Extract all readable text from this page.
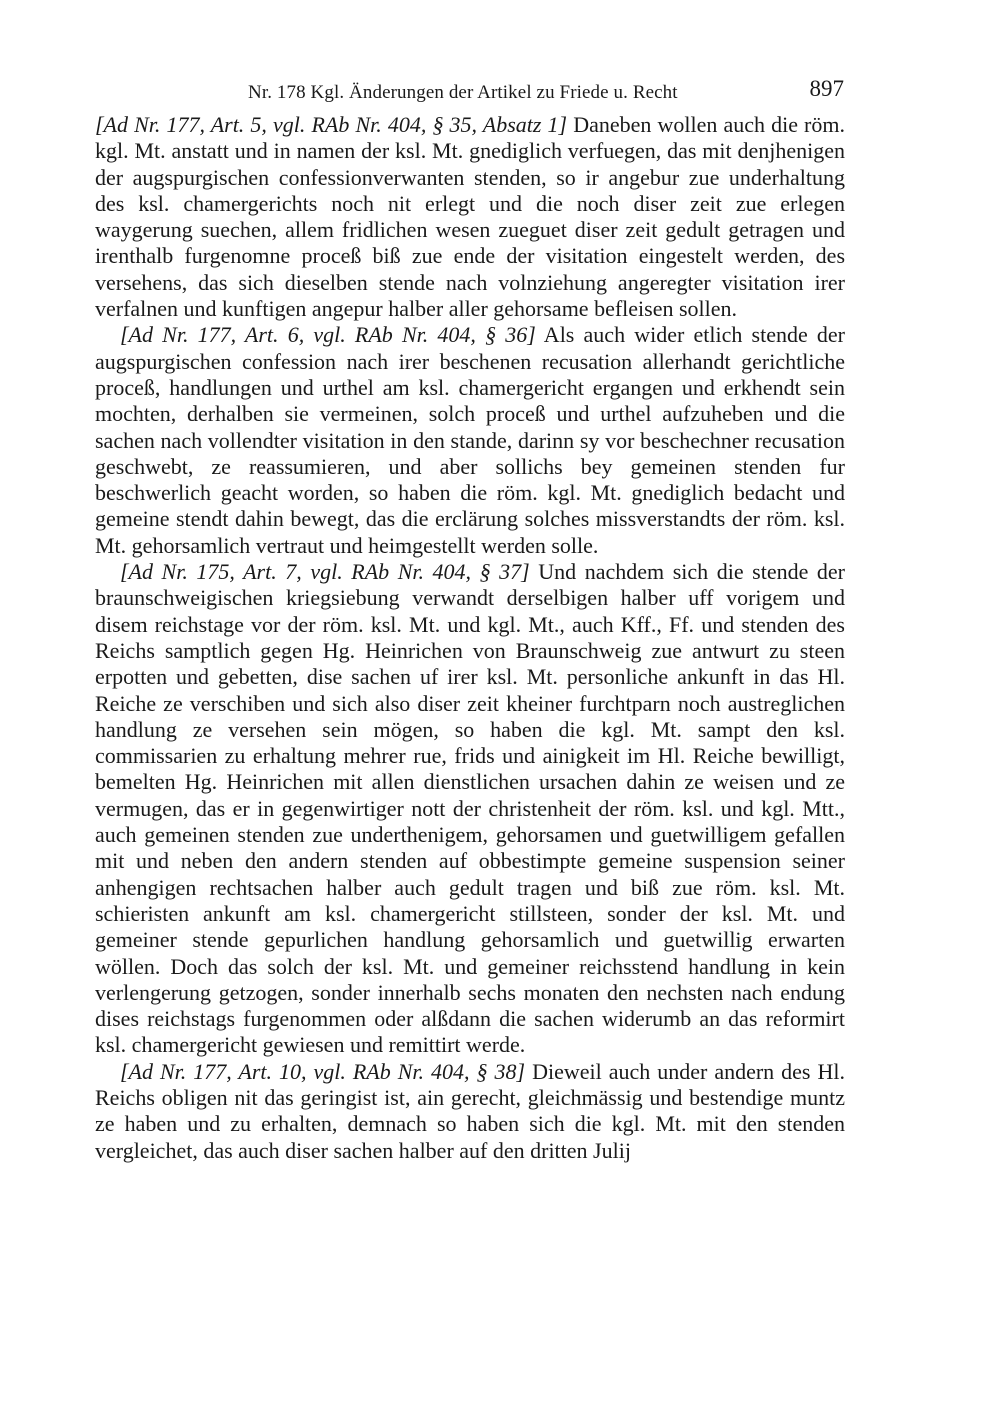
Nr. 178 Kgl. Änderungen der Artikel zu Friede u. Recht	897

[Ad Nr. 177, Art. 5, vgl. RAb Nr. 404, § 35, Absatz 1] Daneben wollen auch die röm. kgl. Mt. anstatt und in namen der ksl. Mt. gnediglich verfuegen, das mit denjhenigen der augspurgischen confessionverwanten stenden, so ir angebur zue underhaltung des ksl. chamergerichts noch nit erlegt und die noch diser zeit zue erlegen waygerung suechen, allem fridlichen wesen zueguet diser zeit gedult getragen und irenthalb furgenomne proceß biß zue ende der visitation eingestelt werden, des versehens, das sich dieselben stende nach volnziehung angeregter visitation irer verfalnen und kunftigen angepur halber aller gehorsame befleisen sollen.

[Ad Nr. 177, Art. 6, vgl. RAb Nr. 404, § 36] Als auch wider etlich stende der augspurgischen confession nach irer beschenen recusation allerhandt gerichtliche proceß, handlungen und urthel am ksl. chamergericht ergangen und erkhendt sein mochten, derhalben sie vermeinen, solch proceß und urthel aufzuheben und die sachen nach vollendter visitation in den stande, darinn sy vor beschechner recusation geschwebt, ze reassumieren, und aber sollichs bey gemeinen stenden fur beschwerlich geacht worden, so haben die röm. kgl. Mt. gnediglich bedacht und gemeine stendt dahin bewegt, das die erclärung solches missverstandts der röm. ksl. Mt. gehorsamlich vertraut und heimgestellt werden solle.

[Ad Nr. 175, Art. 7, vgl. RAb Nr. 404, § 37] Und nachdem sich die stende der braunschweigischen kriegsiebung verwandt derselbigen halber uff vorigem und disem reichstage vor der röm. ksl. Mt. und kgl. Mt., auch Kff., Ff. und stenden des Reichs samptlich gegen Hg. Heinrichen von Braunschweig zue antwurt zu steen erpotten und gebetten, dise sachen uf irer ksl. Mt. personliche ankunft in das Hl. Reiche ze verschiben und sich also diser zeit kheiner furchtparn noch austreglichen handlung ze versehen sein mögen, so haben die kgl. Mt. sampt den ksl. commissarien zu erhaltung mehrer rue, frids und ainigkeit im Hl. Reiche bewilligt, bemelten Hg. Heinrichen mit allen dienstlichen ursachen dahin ze weisen und ze vermugen, das er in gegenwirtiger nott der christenheit der röm. ksl. und kgl. Mtt., auch gemeinen stenden zue underthenigem, gehorsamen und guetwilligem gefallen mit und neben den andern stenden auf obbestimpte gemeine suspension seiner anhengigen rechtsachen halber auch gedult tragen und biß zue röm. ksl. Mt. schieristen ankunft am ksl. chamergericht stillsteen, sonder der ksl. Mt. und gemeiner stende gepurlichen handlung gehorsamlich und guetwillig erwarten wöllen. Doch das solch der ksl. Mt. und gemeiner reichsstend handlung in kein verlengerung getzogen, sonder innerhalb sechs monaten den nechsten nach endung dises reichstags furgenommen oder alßdann die sachen widerumb an das reformirt ksl. chamergericht gewiesen und remittirt werde.

[Ad Nr. 177, Art. 10, vgl. RAb Nr. 404, § 38] Dieweil auch under andern des Hl. Reichs obligen nit das geringist ist, ain gerecht, gleichmässig und bestendige muntz ze haben und zu erhalten, demnach so haben sich die kgl. Mt. mit den stenden vergleichet, das auch diser sachen halber auf den dritten Julij
